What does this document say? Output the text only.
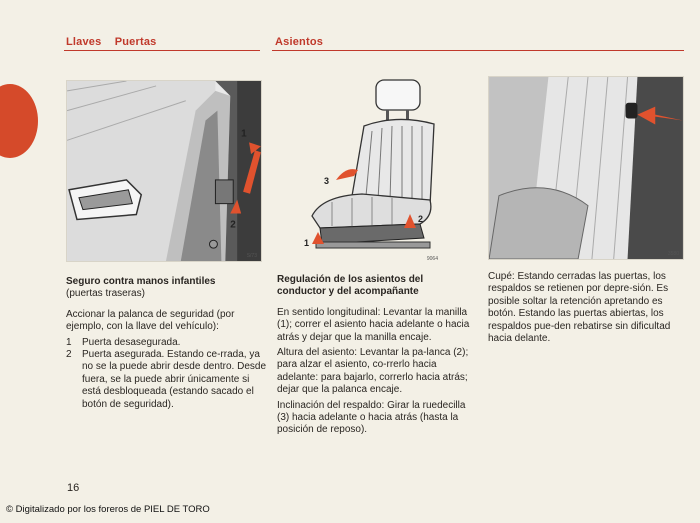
Llaves Puertas	Asientos
1
2
S/73
1
2
3
9064
3580
Seguro contra manos infantiles

(puertas traseras)

Accionar la palanca de seguridad (por ejemplo, con la llave del vehículo):

1	Puerta desasegurada.
2	Puerta asegurada. Estando ce-rrada, ya no se la puede abrir desde dentro. Desde fuera, se la puede abrir únicamente si está desbloqueada (estando sacado el botón de seguridad).

Regulación de los asientos del conductor y del acompañante

En sentido longitudinal: Levantar la manilla (1); correr el asiento hacia adelante o hacia atrás y dejar que la manilla encaje.

Altura del asiento: Levantar la pa-lanca (2); para alzar el asiento, co-rrerlo hacia adelante: para bajarlo, correrlo hacia atrás; dejar que la palanca encaje.

Inclinación del respaldo: Girar la ruedecilla (3) hacia adelante o hacia atrás (hasta la posición de reposo).

Cupé: Estando cerradas las puertas, los respaldos se retienen por depre-sión. Es posible soltar la retención apretando es botón. Estando las puertas abiertas, los respaldos pue-den rebatirse sin dificultad hacia delante.

16
© Digitalizado por los foreros de PIEL DE TORO
